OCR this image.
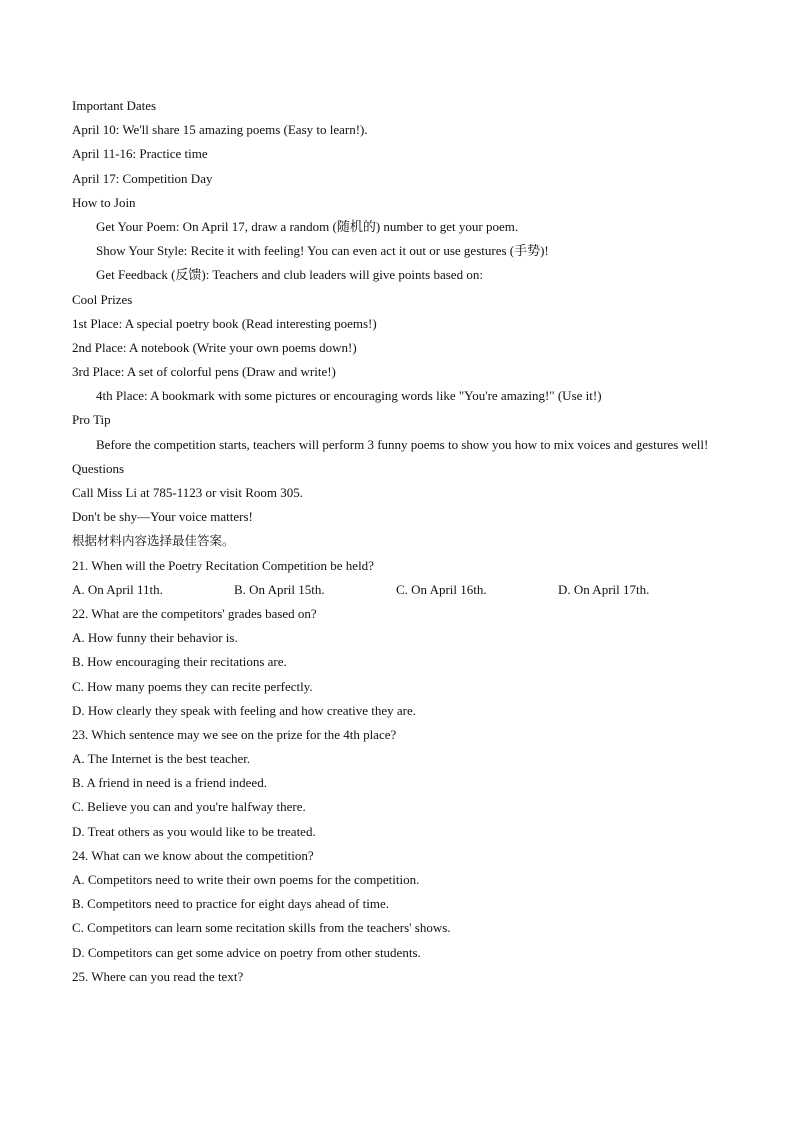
Important Dates
April 10: We'll share 15 amazing poems (Easy to learn!).
April 11-16: Practice time
April 17: Competition Day
How to Join
Get Your Poem: On April 17, draw a random (随机的) number to get your poem.
Show Your Style: Recite it with feeling! You can even act it out or use gestures (手势)!
Get Feedback (反馈): Teachers and club leaders will give points based on:
Cool Prizes
1st Place: A special poetry book (Read interesting poems!)
2nd Place: A notebook (Write your own poems down!)
3rd Place: A set of colorful pens (Draw and write!)
4th Place: A bookmark with some pictures or encouraging words like "You're amazing!" (Use it!)
Pro Tip
Before the competition starts, teachers will perform 3 funny poems to show you how to mix voices and gestures well!
Questions
Call Miss Li at 785-1123 or visit Room 305.
Don't be shy—Your voice matters!
根据材料内容选择最佳答案。
21. When will the Poetry Recitation Competition be held?
A. On April 11th.	B. On April 15th.	C. On April 16th.	D. On April 17th.
22. What are the competitors' grades based on?
A. How funny their behavior is.
B. How encouraging their recitations are.
C. How many poems they can recite perfectly.
D. How clearly they speak with feeling and how creative they are.
23. Which sentence may we see on the prize for the 4th place?
A. The Internet is the best teacher.
B. A friend in need is a friend indeed.
C. Believe you can and you're halfway there.
D. Treat others as you would like to be treated.
24. What can we know about the competition?
A. Competitors need to write their own poems for the competition.
B. Competitors need to practice for eight days ahead of time.
C. Competitors can learn some recitation skills from the teachers' shows.
D. Competitors can get some advice on poetry from other students.
25. Where can you read the text?
